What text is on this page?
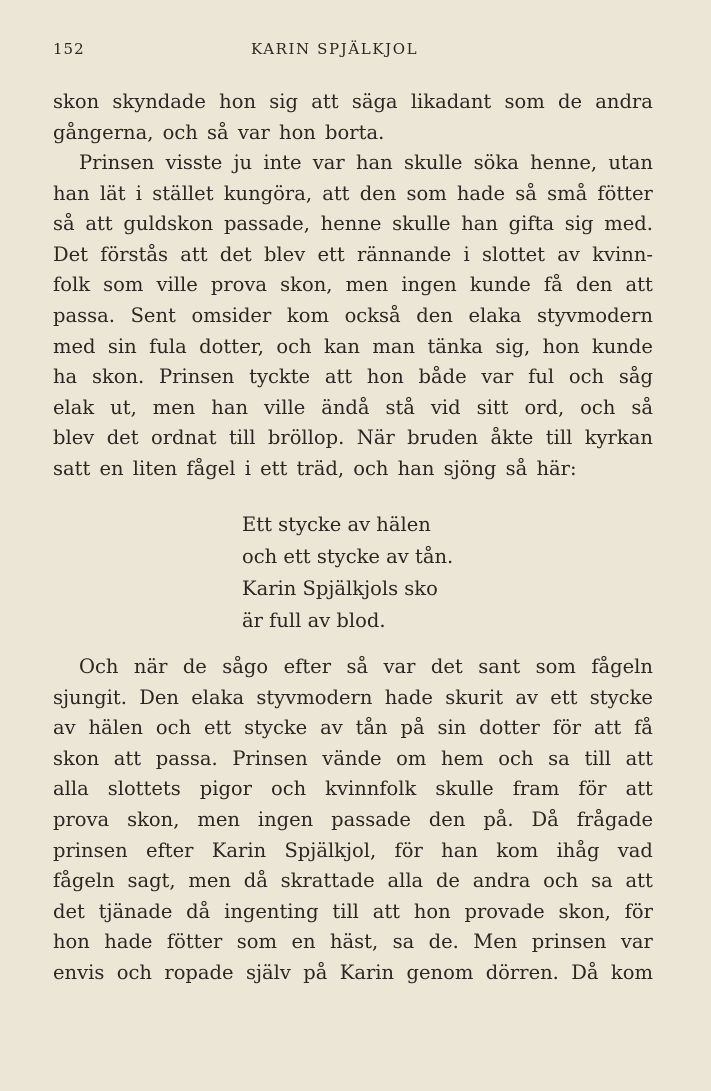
152	KARIN SPJÄLKJOL
skon skyndade hon sig att säga likadant som de andra
gångerna, och så var hon borta.
Prinsen visste ju inte var han skulle söka henne, utan
han lät i stället kungöra, att den som hade så små fötter
så att guldskon passade, henne skulle han gifta sig med.
Det förstås att det blev ett rännande i slottet av kvinn-
folk som ville prova skon, men ingen kunde få den att
passa. Sent omsider kom också den elaka styvmodern
med sin fula dotter, och kan man tänka sig, hon kunde
ha skon. Prinsen tyckte att hon både var ful och såg
elak ut, men han ville ändå stå vid sitt ord, och så
blev det ordnat till bröllop. När bruden åkte till kyrkan
satt en liten fågel i ett träd, och han sjöng så här:
Ett stycke av hälen
och ett stycke av tån.
Karin Spjälkjols sko
är full av blod.
Och när de sågo efter så var det sant som fågeln
sjungit. Den elaka styvmodern hade skurit av ett stycke
av hälen och ett stycke av tån på sin dotter för att få
skon att passa. Prinsen vände om hem och sa till att
alla slottets pigor och kvinnfolk skulle fram för att
prova skon, men ingen passade den på. Då frågade
prinsen efter Karin Spjälkjol, för han kom ihåg vad
fågeln sagt, men då skrattade alla de andra och sa att
det tjänade då ingenting till att hon provade skon, för
hon hade fötter som en häst, sa de. Men prinsen var
envis och ropade själv på Karin genom dörren. Då kom
